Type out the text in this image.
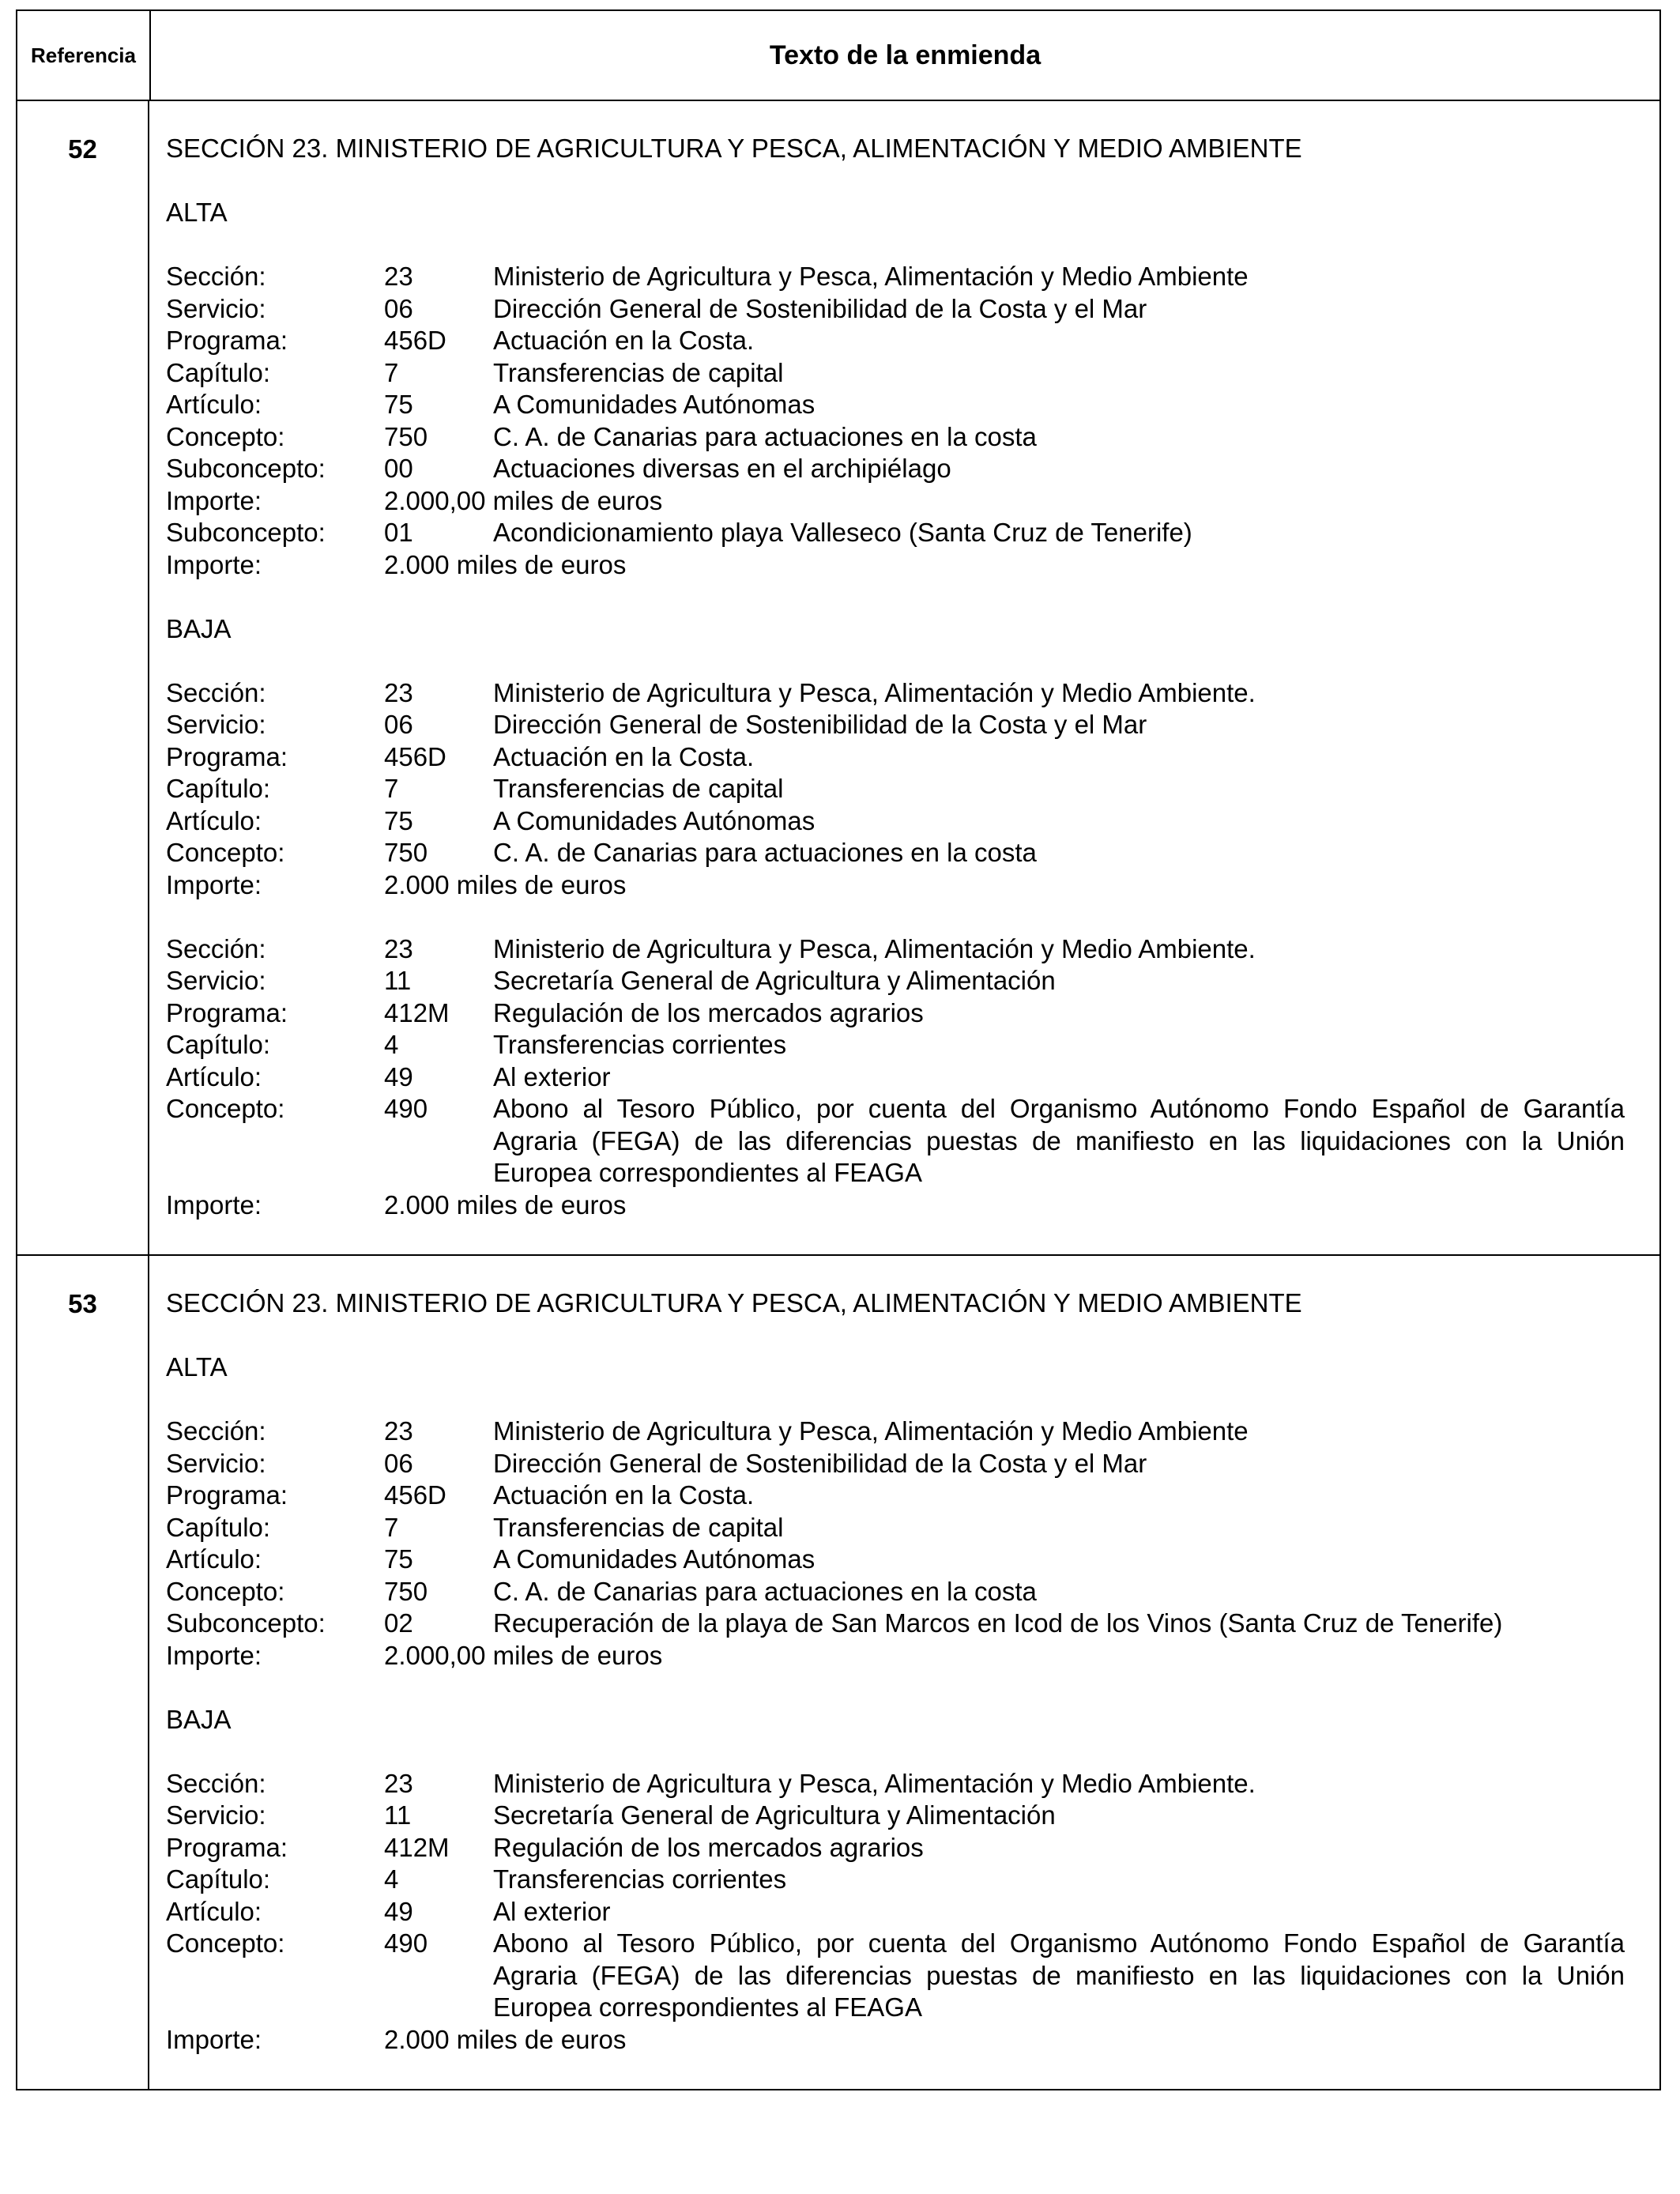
Referencia	Texto de la enmienda
52	SECCIÓN 23. MINISTERIO DE AGRICULTURA Y PESCA, ALIMENTACIÓN Y MEDIO AMBIENTE
ALTA
Sección:	23	Ministerio de Agricultura y Pesca, Alimentación y Medio Ambiente
Servicio:	06	Dirección General de Sostenibilidad de la Costa y el Mar
Programa:	456D	Actuación en la Costa.
Capítulo:	7	Transferencias de capital
Artículo:	75	A Comunidades Autónomas
Concepto:	750	C. A. de Canarias para actuaciones en la costa
Subconcepto:	00	Actuaciones diversas en el archipiélago
Importe:	2.000,00 miles de euros
Subconcepto:	01	Acondicionamiento playa Valleseco (Santa Cruz de Tenerife)
Importe:	2.000 miles de euros
BAJA
Sección:	23	Ministerio de Agricultura y Pesca, Alimentación y Medio Ambiente.
Servicio:	06	Dirección General de Sostenibilidad de la Costa y el Mar
Programa:	456D	Actuación en la Costa.
Capítulo:	7	Transferencias de capital
Artículo:	75	A Comunidades Autónomas
Concepto:	750	C. A. de Canarias para actuaciones en la costa
Importe:	2.000 miles de euros
Sección:	23	Ministerio de Agricultura y Pesca, Alimentación y Medio Ambiente.
Servicio:	11	Secretaría General de Agricultura y Alimentación
Programa:	412M	Regulación de los mercados agrarios
Capítulo:	4	Transferencias corrientes
Artículo:	49	Al exterior
Concepto:	490	Abono al Tesoro Público, por cuenta del Organismo Autónomo Fondo Español de Garantía Agraria (FEGA) de las diferencias puestas de manifiesto en las liquidaciones con la Unión Europea correspondientes al FEAGA
Importe:	2.000 miles de euros
53	SECCIÓN 23. MINISTERIO DE AGRICULTURA Y PESCA, ALIMENTACIÓN Y MEDIO AMBIENTE
ALTA
Sección:	23	Ministerio de Agricultura y Pesca, Alimentación y Medio Ambiente
Servicio:	06	Dirección General de Sostenibilidad de la Costa y el Mar
Programa:	456D	Actuación en la Costa.
Capítulo:	7	Transferencias de capital
Artículo:	75	A Comunidades Autónomas
Concepto:	750	C. A. de Canarias para actuaciones en la costa
Subconcepto:	02	Recuperación de la playa de San Marcos en Icod de los Vinos (Santa Cruz de Tenerife)
Importe:	2.000,00 miles de euros
BAJA
Sección:	23	Ministerio de Agricultura y Pesca, Alimentación y Medio Ambiente.
Servicio:	11	Secretaría General de Agricultura y Alimentación
Programa:	412M	Regulación de los mercados agrarios
Capítulo:	4	Transferencias corrientes
Artículo:	49	Al exterior
Concepto:	490	Abono al Tesoro Público, por cuenta del Organismo Autónomo Fondo Español de Garantía Agraria (FEGA) de las diferencias puestas de manifiesto en las liquidaciones con la Unión Europea correspondientes al FEAGA
Importe:	2.000 miles de euros
